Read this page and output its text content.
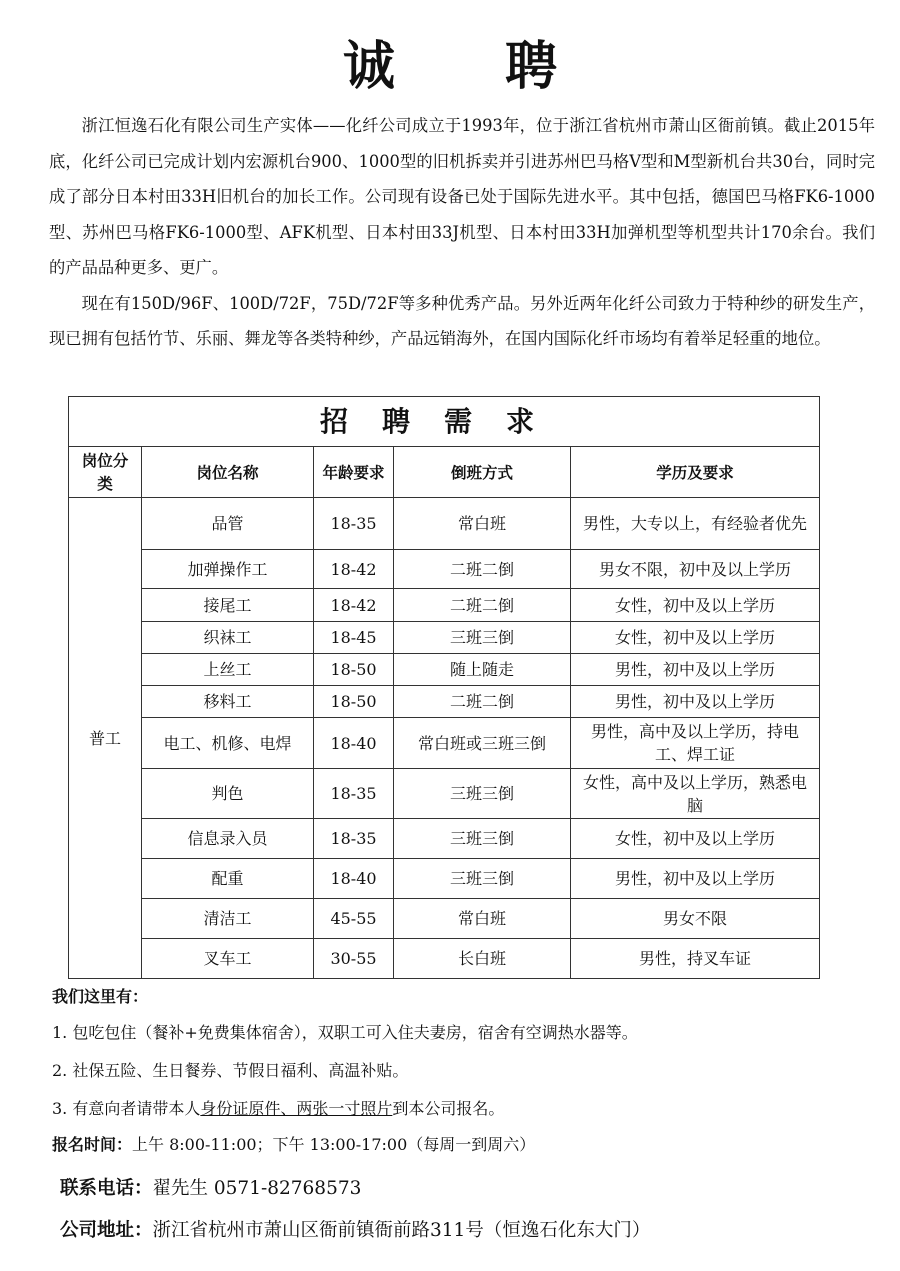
诚聘

浙江恒逸石化有限公司生产实体——化纤公司成立于1993年，位于浙江省杭州市萧山区衙前镇。截止2015年底，化纤公司已完成计划内宏源机台900、1000型的旧机拆卖并引进苏州巴马格V型和M型新机台共30台，同时完成了部分日本村田33H旧机台的加长工作。公司现有设备已处于国际先进水平。其中包括，德国巴马格FK6-1000型、苏州巴马格FK6-1000型、AFK机型、日本村田33J机型、日本村田33H加弹机型等机型共计170余台。我们的产品品种更多、更广。

现在有150D/96F、100D/72F，75D/72F等多种优秀产品。另外近两年化纤公司致力于特种纱的研发生产，现已拥有包括竹节、乐丽、舞龙等各类特种纱，产品远销海外，在国内国际化纤市场均有着举足轻重的地位。

招聘需求				
岗位分类	岗位名称	年龄要求	倒班方式	学历及要求
普工	品管	18-35	常白班	男性，大专以上，有经验者优先
	加弹操作工	18-42	二班二倒	男女不限，初中及以上学历
	接尾工	18-42	二班二倒	女性，初中及以上学历
	织袜工	18-45	三班三倒	女性，初中及以上学历
	上丝工	18-50	随上随走	男性，初中及以上学历
	移料工	18-50	二班二倒	男性，初中及以上学历
	电工、机修、电焊	18-40	常白班或三班三倒	男性，高中及以上学历，持电工、焊工证
	判色	18-35	三班三倒	女性，高中及以上学历，熟悉电脑
	信息录入员	18-35	三班三倒	女性，初中及以上学历
	配重	18-40	三班三倒	男性，初中及以上学历
	清洁工	45-55	常白班	男女不限
	叉车工	30-55	长白班	男性，持叉车证
我们这里有：
1. 包吃包住（餐补+免费集体宿舍），双职工可入住夫妻房，宿舍有空调热水器等。
2. 社保五险、生日餐券、节假日福利、高温补贴。
3. 有意向者请带本人身份证原件、两张一寸照片到本公司报名。
报名时间：上午 8:00-11:00；下午 13:00-17:00（每周一到周六）
联系电话：翟先生 0571-82768573
公司地址：浙江省杭州市萧山区衙前镇衙前路311号（恒逸石化东大门）
